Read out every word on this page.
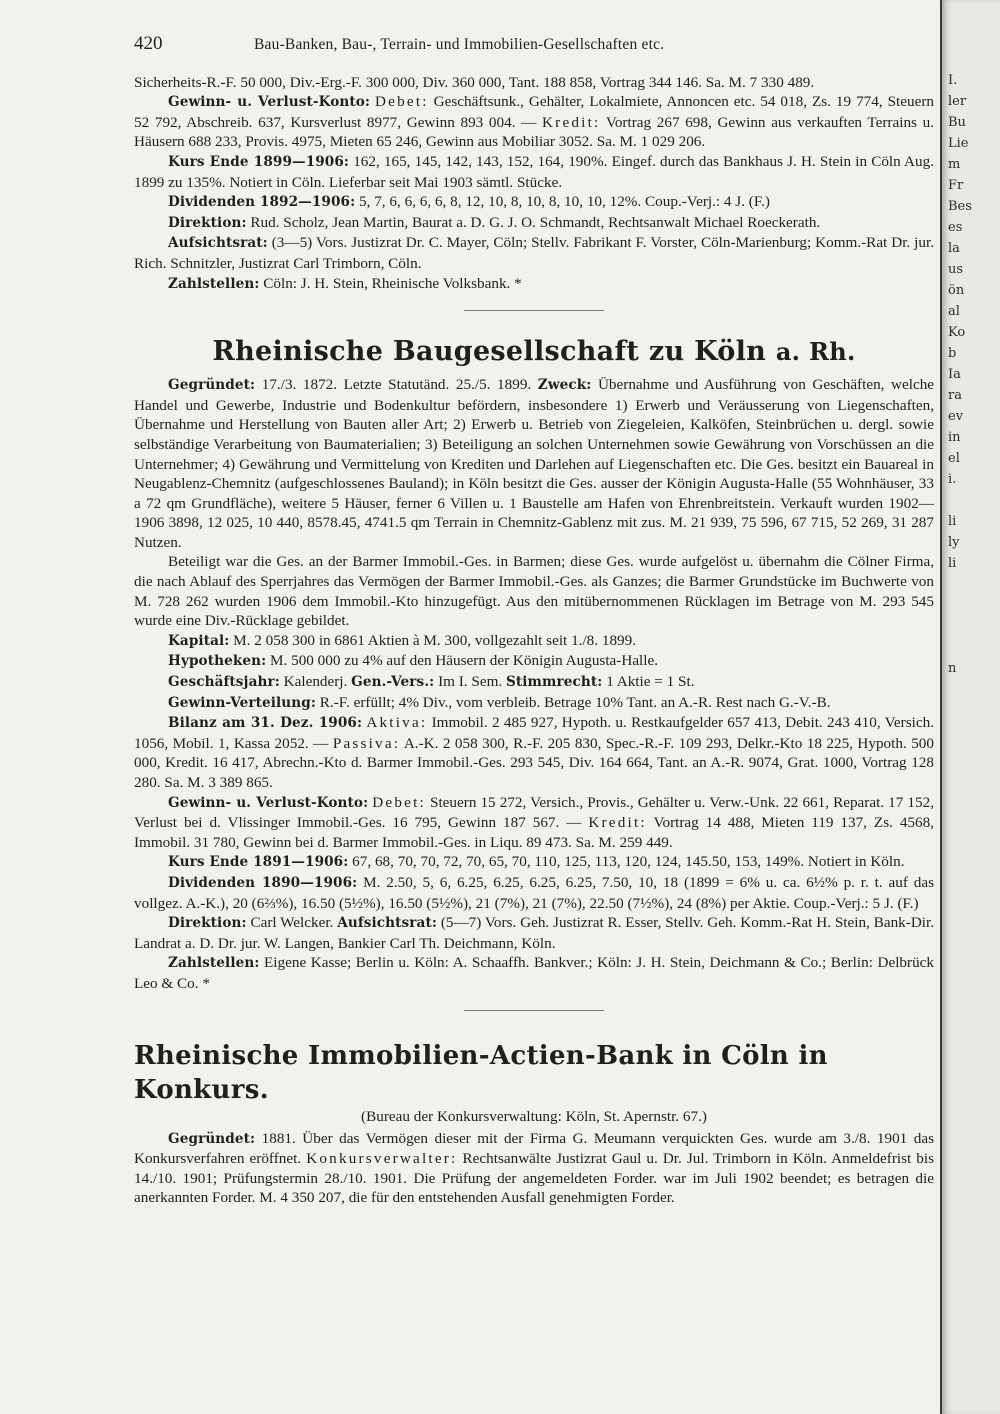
I.
ler
Bu
Lie
m
Fr
Bes
es
la
us
ön
al
Ko
b
Ia
ra
ev
in
el
i.

li
ly
li

n

420	Bau-Banken, Bau-, Terrain- und Immobilien-Gesellschaften etc.

Sicherheits-R.-F. 50 000, Div.-Erg.-F. 300 000, Div. 360 000, Tant. 188 858, Vortrag 344 146. Sa. M. 7 330 489.

Gewinn- u. Verlust-Konto: Debet: Geschäftsunk., Gehälter, Lokalmiete, Annoncen etc. 54 018, Zs. 19 774, Steuern 52 792, Abschreib. 637, Kursverlust 8977, Gewinn 893 004. — Kredit: Vortrag 267 698, Gewinn aus verkauften Terrains u. Häusern 688 233, Provis. 4975, Mieten 65 246, Gewinn aus Mobiliar 3052. Sa. M. 1 029 206.

Kurs Ende 1899—1906: 162, 165, 145, 142, 143, 152, 164, 190%. Eingef. durch das Bankhaus J. H. Stein in Cöln Aug. 1899 zu 135%. Notiert in Cöln. Lieferbar seit Mai 1903 sämtl. Stücke.

Dividenden 1892—1906: 5, 7, 6, 6, 6, 6, 8, 12, 10, 8, 10, 8, 10, 10, 12%. Coup.-Verj.: 4 J. (F.)

Direktion: Rud. Scholz, Jean Martin, Baurat a. D. G. J. O. Schmandt, Rechtsanwalt Michael Roeckerath.

Aufsichtsrat: (3—5) Vors. Justizrat Dr. C. Mayer, Cöln; Stellv. Fabrikant F. Vorster, Cöln-Marienburg; Komm.-Rat Dr. jur. Rich. Schnitzler, Justizrat Carl Trimborn, Cöln.

Zahlstellen: Cöln: J. H. Stein, Rheinische Volksbank. *

Rheinische Baugesellschaft zu Köln a. Rh.

Gegründet: 17./3. 1872. Letzte Statutänd. 25./5. 1899. Zweck: Übernahme und Ausführung von Geschäften, welche Handel und Gewerbe, Industrie und Bodenkultur befördern, insbesondere 1) Erwerb und Veräusserung von Liegenschaften, Übernahme und Herstellung von Bauten aller Art; 2) Erwerb u. Betrieb von Ziegeleien, Kalköfen, Steinbrüchen u. dergl. sowie selbständige Verarbeitung von Baumaterialien; 3) Beteiligung an solchen Unternehmen sowie Gewährung von Vorschüssen an die Unternehmer; 4) Gewährung und Vermittelung von Krediten und Darlehen auf Liegenschaften etc. Die Ges. besitzt ein Bauareal in Neugablenz-Chemnitz (aufgeschlossenes Bauland); in Köln besitzt die Ges. ausser der Königin Augusta-Halle (55 Wohnhäuser, 33 a 72 qm Grundfläche), weitere 5 Häuser, ferner 6 Villen u. 1 Baustelle am Hafen von Ehrenbreitstein. Verkauft wurden 1902—1906 3898, 12 025, 10 440, 8578.45, 4741.5 qm Terrain in Chemnitz-Gablenz mit zus. M. 21 939, 75 596, 67 715, 52 269, 31 287 Nutzen.

Beteiligt war die Ges. an der Barmer Immobil.-Ges. in Barmen; diese Ges. wurde aufgelöst u. übernahm die Cölner Firma, die nach Ablauf des Sperrjahres das Vermögen der Barmer Immobil.-Ges. als Ganzes; die Barmer Grundstücke im Buchwerte von M. 728 262 wurden 1906 dem Immobil.-Kto hinzugefügt. Aus den mitübernommenen Rücklagen im Betrage von M. 293 545 wurde eine Div.-Rücklage gebildet.

Kapital: M. 2 058 300 in 6861 Aktien à M. 300, vollgezahlt seit 1./8. 1899.

Hypotheken: M. 500 000 zu 4% auf den Häusern der Königin Augusta-Halle.

Geschäftsjahr: Kalenderj. Gen.-Vers.: Im I. Sem. Stimmrecht: 1 Aktie = 1 St.

Gewinn-Verteilung: R.-F. erfüllt; 4% Div., vom verbleib. Betrage 10% Tant. an A.-R. Rest nach G.-V.-B.

Bilanz am 31. Dez. 1906: Aktiva: Immobil. 2 485 927, Hypoth. u. Restkaufgelder 657 413, Debit. 243 410, Versich. 1056, Mobil. 1, Kassa 2052. — Passiva: A.-K. 2 058 300, R.-F. 205 830, Spec.-R.-F. 109 293, Delkr.-Kto 18 225, Hypoth. 500 000, Kredit. 16 417, Abrechn.-Kto d. Barmer Immobil.-Ges. 293 545, Div. 164 664, Tant. an A.-R. 9074, Grat. 1000, Vortrag 128 280. Sa. M. 3 389 865.

Gewinn- u. Verlust-Konto: Debet: Steuern 15 272, Versich., Provis., Gehälter u. Verw.-Unk. 22 661, Reparat. 17 152, Verlust bei d. Vlissinger Immobil.-Ges. 16 795, Gewinn 187 567. — Kredit: Vortrag 14 488, Mieten 119 137, Zs. 4568, Immobil. 31 780, Gewinn bei d. Barmer Immobil.-Ges. in Liqu. 89 473. Sa. M. 259 449.

Kurs Ende 1891—1906: 67, 68, 70, 70, 72, 70, 65, 70, 110, 125, 113, 120, 124, 145.50, 153, 149%. Notiert in Köln.

Dividenden 1890—1906: M. 2.50, 5, 6, 6.25, 6.25, 6.25, 6.25, 7.50, 10, 18 (1899 = 6% u. ca. 6½% p. r. t. auf das vollgez. A.-K.), 20 (6⅔%), 16.50 (5½%), 16.50 (5½%), 21 (7%), 21 (7%), 22.50 (7½%), 24 (8%) per Aktie. Coup.-Verj.: 5 J. (F.)

Direktion: Carl Welcker. Aufsichtsrat: (5—7) Vors. Geh. Justizrat R. Esser, Stellv. Geh. Komm.-Rat H. Stein, Bank-Dir. Landrat a. D. Dr. jur. W. Langen, Bankier Carl Th. Deichmann, Köln.

Zahlstellen: Eigene Kasse; Berlin u. Köln: A. Schaaffh. Bankver.; Köln: J. H. Stein, Deichmann & Co.; Berlin: Delbrück Leo & Co. *

Rheinische Immobilien-Actien-Bank in Cöln in Konkurs.

(Bureau der Konkursverwaltung: Köln, St. Apernstr. 67.)

Gegründet: 1881. Über das Vermögen dieser mit der Firma G. Meumann verquickten Ges. wurde am 3./8. 1901 das Konkursverfahren eröffnet. Konkursverwalter: Rechtsanwälte Justizrat Gaul u. Dr. Jul. Trimborn in Köln. Anmeldefrist bis 14./10. 1901; Prüfungstermin 28./10. 1901. Die Prüfung der angemeldeten Forder. war im Juli 1902 beendet; es betragen die anerkannten Forder. M. 4 350 207, die für den entstehenden Ausfall genehmigten Forder.
